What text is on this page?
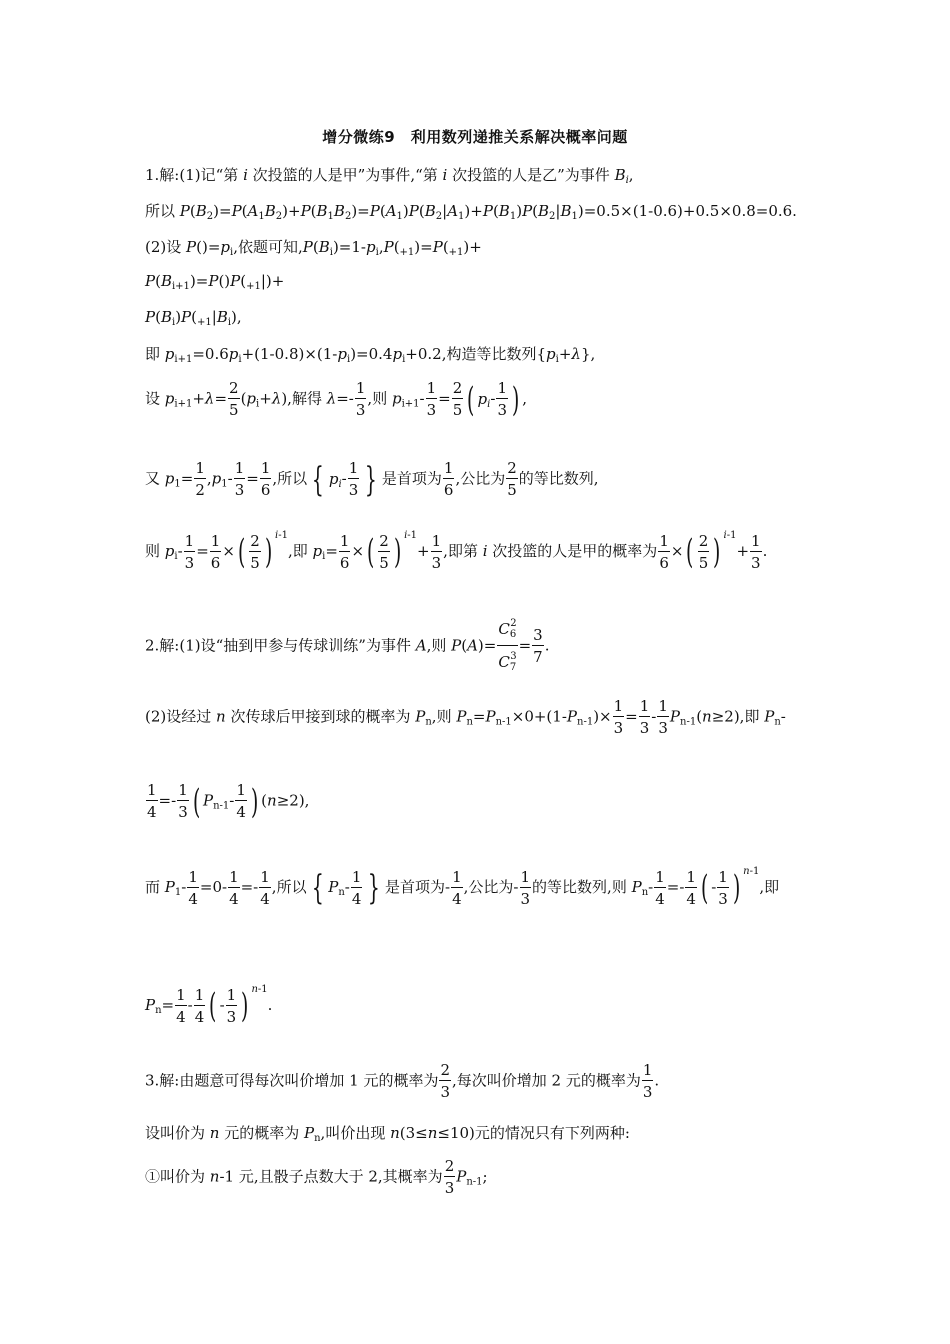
增分微练9　利用数列递推关系解决概率问题
1.解:(1)记“第 i 次投篮的人是甲”为事件,“第 i 次投篮的人是乙”为事件 $B_i$,
所以 $P(B_2)=P(A_1B_2)+P(B_1B_2)=P(A_1)P(B_2|A_1)+P(B_1)P(B_2|B_1)=0.5\times(1-0.6)+0.5\times 0.8=0.6$.
(2)设 $P()=p_i$,依题可知$,P(B_i)=1-p_i,P(_{+1})=P(_{+1})+$
$P(B_{i+1})=P()P(_{+1}|)+$
$P(B_i)P(_{+1}|B_i)$,
即 $p_{i+1}=0.6p_i+(1-0.8)\times(1-p_i)=0.4p_i+0.2$,构造等比数列$\{p_i+\lambda\}$,
设 $p_{i+1}+\lambda= \frac{2}{5} (p_i+\lambda)$,解得 $\lambda=- \frac{1}{3}$ ,则 $p_{i+1}- \frac{1}{3} = \frac{2}{5}$ ( $p_i- \frac{1}{3}$ ) ,
又 $p_1= \frac{1}{2} ,p_1- \frac{1}{3} = \frac{1}{6}$ ,所以 { $p_i- \frac{1}{3}$ } 是首项为 $\frac{1}{6}$ ,公比为 $\frac{2}{5}$ 的等比数列,
则 $p_i- \frac{1}{3} = \frac{1}{6}$ ×( $\frac{2}{5}$ ) $^{i-1}$,即 $p_i= \frac{1}{6}$ ×( $\frac{2}{5}$ ) $^{i-1}+ \frac{1}{3}$ ,即第 i 次投篮的人是甲的概率为 $\frac{1}{6}$ ×( $\frac{2}{5}$ ) $^{i-1}+ \frac{1}{3}$ .
2.解:(1)设“抽到甲参与传球训练”为事件 A,则 $P(A)= \frac{C_6^2}{C_7^3} = \frac{3}{7}$ .
(2)设经过 n 次传球后甲接到球的概率为 $P_n$,则 $P_n=P_{n-1}\times 0+(1-P_{n-1})\times \frac{1}{3} = \frac{1}{3} - \frac{1}{3} P_{n-1}(n\ge 2)$,即 $P_n-$
$\frac{1}{4} =- \frac{1}{3}$ ( $P_{n-1}- \frac{1}{4}$ ) (n≥2),
而 $P_1- \frac{1}{4} =0- \frac{1}{4} =- \frac{1}{4}$ ,所以 { $P_n- \frac{1}{4}$ } 是首项为- $\frac{1}{4}$ ,公比为- $\frac{1}{3}$ 的等比数列,则 $P_n- \frac{1}{4} =- \frac{1}{4}$ ( - $\frac{1}{3}$ ) $^{n-1}$,即
$P_n= \frac{1}{4} - \frac{1}{4}$ ( - $\frac{1}{3}$ ) $^{n-1}$.
3.解:由题意可得每次叫价增加 1 元的概率为 $\frac{2}{3}$ ,每次叫价增加 2 元的概率为 $\frac{1}{3}$ .
设叫价为 n 元的概率为 $P_n$,叫价出现 n(3≤n≤10)元的情况只有下列两种:
①叫价为 n-1 元,且骰子点数大于 2,其概率为 $\frac{2}{3} P_{n-1}$;
